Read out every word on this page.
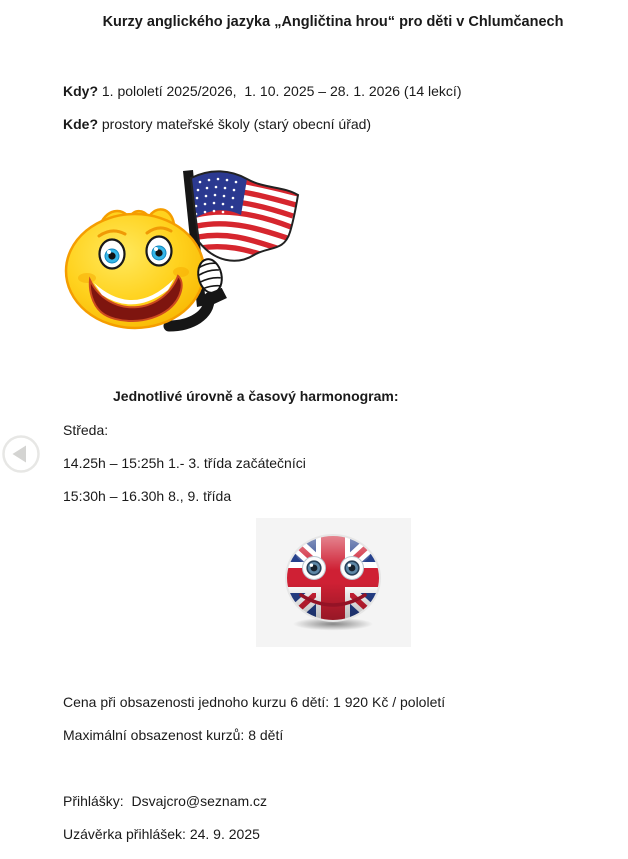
Kurzy anglického jazyka „Angličtina hrou“ pro děti v Chlumčanech
Kdy? 1. pololetí 2025/2026,  1. 10. 2025 – 28. 1. 2026 (14 lekcí)
Kde? prostory mateřské školy (starý obecní úřad)
Jednotlivé úrovně a časový harmonogram:
Středa:
14.25h – 15:25h 1.- 3. třída začátečníci
15:30h – 16.30h 8., 9. třída
Cena při obsazenosti jednoho kurzu 6 dětí: 1 920 Kč / pololetí
Maximální obsazenost kurzů: 8 dětí
Přihlášky:  Dsvajcro@seznam.cz
Uzávěrka přihlášek: 24. 9. 2025
